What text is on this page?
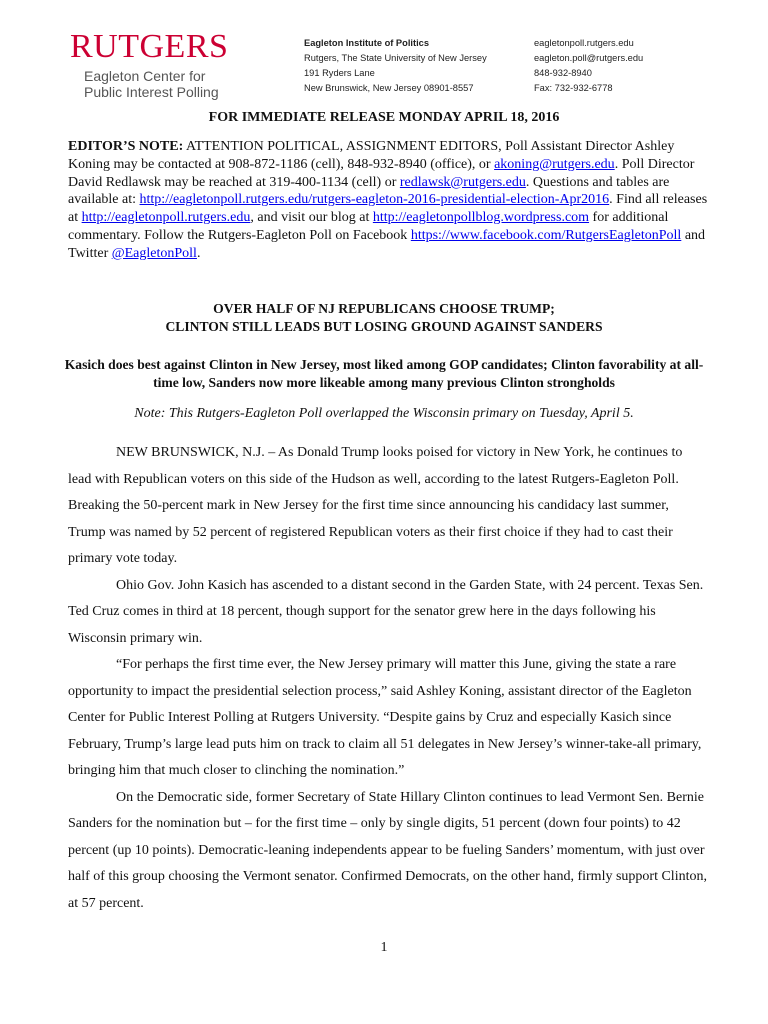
RUTGERS
Eagleton Center for
Public Interest Polling
Eagleton Institute of Politics
Rutgers, The State University of New Jersey
191 Ryders Lane
New Brunswick, New Jersey 08901-8557
eagletonpoll.rutgers.edu
eagleton.poll@rutgers.edu
848-932-8940
Fax: 732-932-6778
FOR IMMEDIATE RELEASE MONDAY APRIL 18, 2016
EDITOR’S NOTE: ATTENTION POLITICAL, ASSIGNMENT EDITORS, Poll Assistant Director Ashley Koning may be contacted at 908-872-1186 (cell), 848-932-8940 (office), or akoning@rutgers.edu. Poll Director David Redlawsk may be reached at 319-400-1134 (cell) or redlawsk@rutgers.edu. Questions and tables are available at: http://eagletonpoll.rutgers.edu/rutgers-eagleton-2016-presidential-election-Apr2016. Find all releases at http://eagletonpoll.rutgers.edu, and visit our blog at http://eagletonpollblog.wordpress.com for additional commentary. Follow the Rutgers-Eagleton Poll on Facebook https://www.facebook.com/RutgersEagletonPoll and Twitter @EagletonPoll.
OVER HALF OF NJ REPUBLICANS CHOOSE TRUMP;
CLINTON STILL LEADS BUT LOSING GROUND AGAINST SANDERS
Kasich does best against Clinton in New Jersey, most liked among GOP candidates; Clinton favorability at all-time low, Sanders now more likeable among many previous Clinton strongholds
Note: This Rutgers-Eagleton Poll overlapped the Wisconsin primary on Tuesday, April 5.

NEW BRUNSWICK, N.J. – As Donald Trump looks poised for victory in New York, he continues to lead with Republican voters on this side of the Hudson as well, according to the latest Rutgers-Eagleton Poll. Breaking the 50-percent mark in New Jersey for the first time since announcing his candidacy last summer, Trump was named by 52 percent of registered Republican voters as their first choice if they had to cast their primary vote today.

Ohio Gov. John Kasich has ascended to a distant second in the Garden State, with 24 percent. Texas Sen. Ted Cruz comes in third at 18 percent, though support for the senator grew here in the days following his Wisconsin primary win.

“For perhaps the first time ever, the New Jersey primary will matter this June, giving the state a rare opportunity to impact the presidential selection process,” said Ashley Koning, assistant director of the Eagleton Center for Public Interest Polling at Rutgers University. “Despite gains by Cruz and especially Kasich since February, Trump’s large lead puts him on track to claim all 51 delegates in New Jersey’s winner-take-all primary, bringing him that much closer to clinching the nomination.”

On the Democratic side, former Secretary of State Hillary Clinton continues to lead Vermont Sen. Bernie Sanders for the nomination but – for the first time – only by single digits, 51 percent (down four points) to 42 percent (up 10 points). Democratic-leaning independents appear to be fueling Sanders’ momentum, with just over half of this group choosing the Vermont senator. Confirmed Democrats, on the other hand, firmly support Clinton, at 57 percent.

1
